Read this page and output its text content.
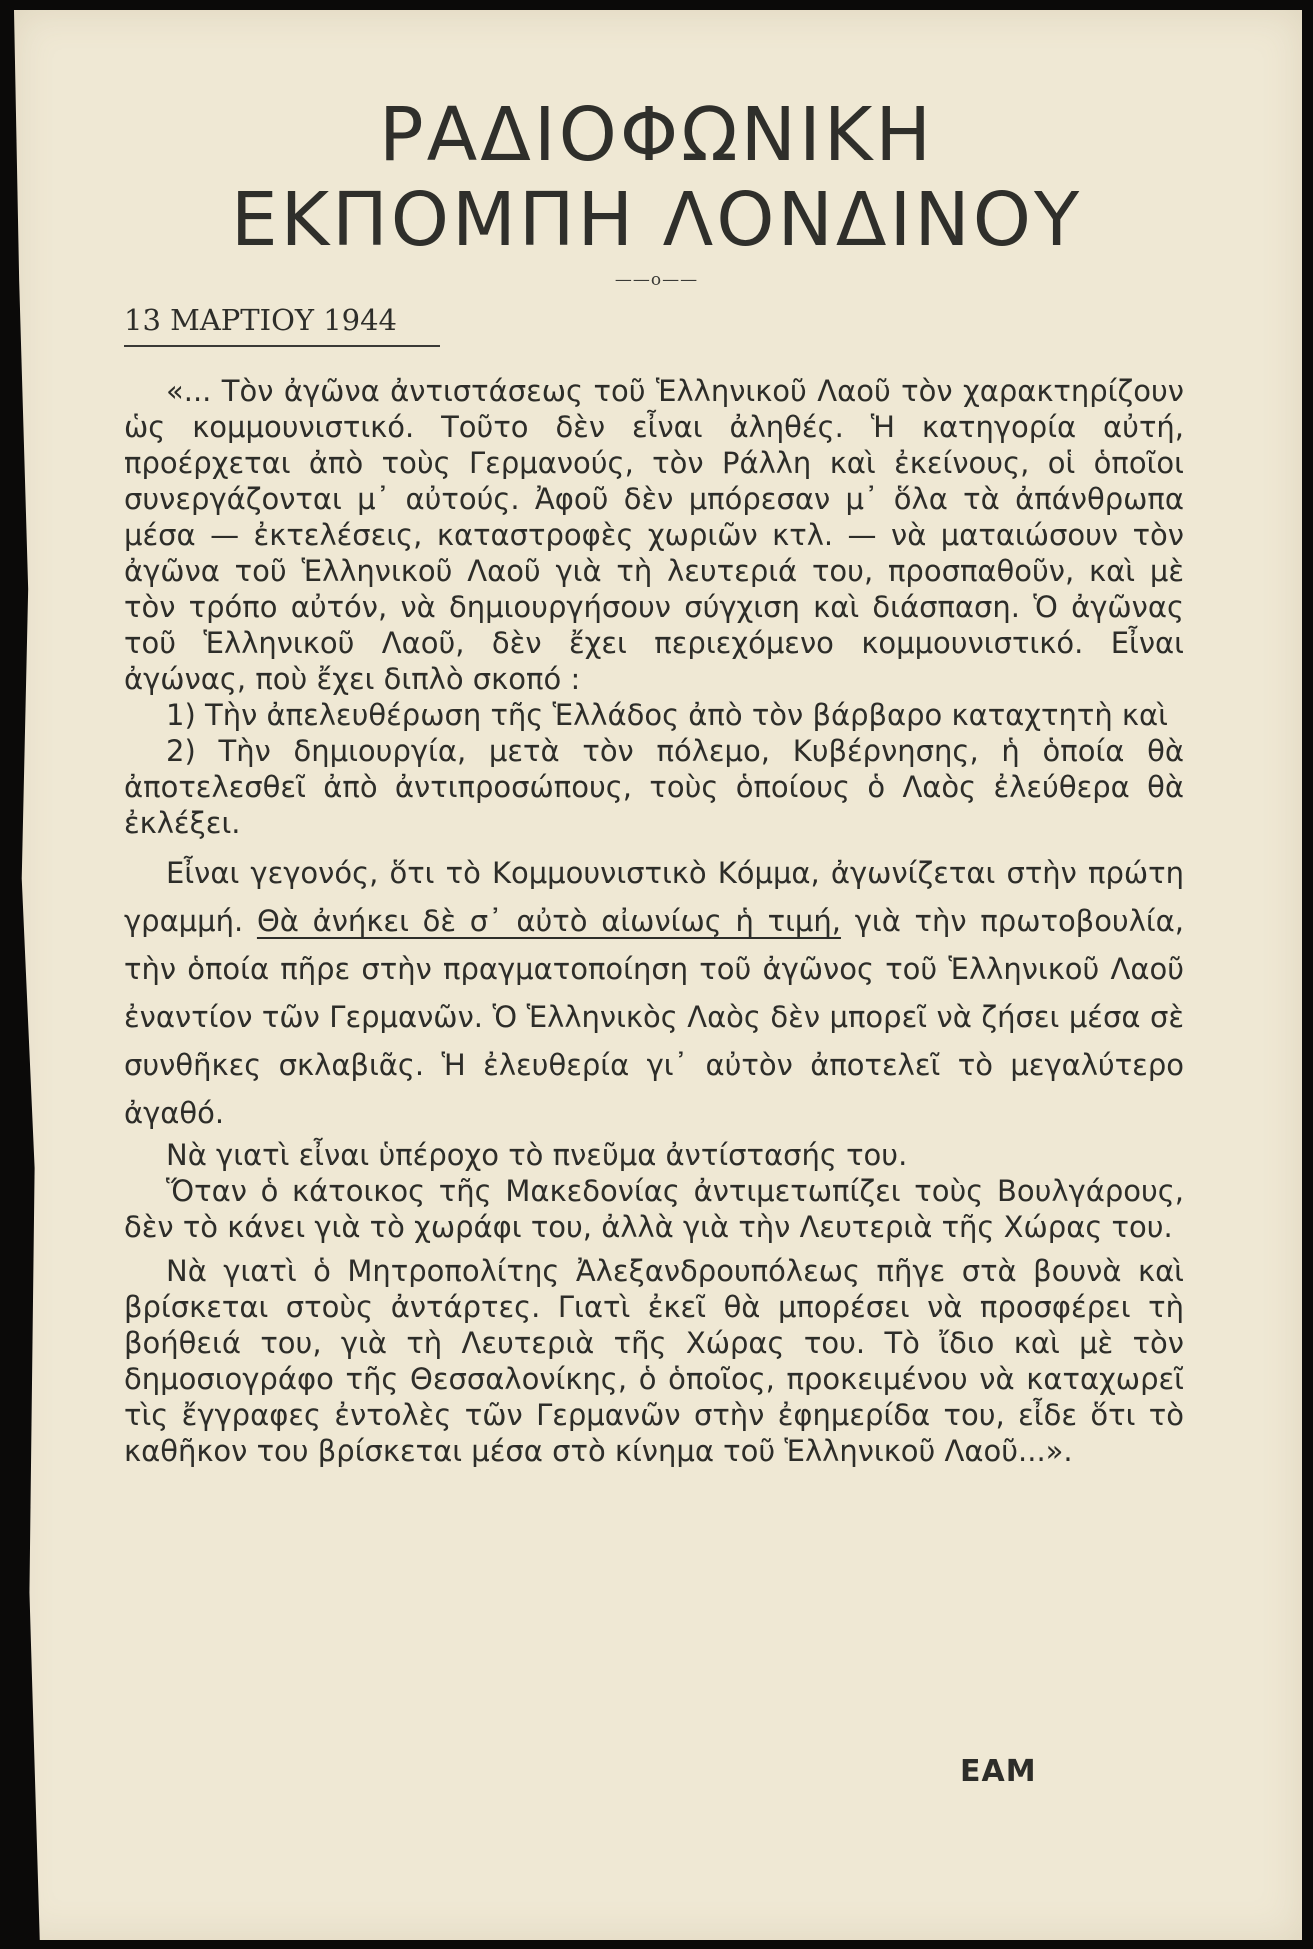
ΡΑΔΙΟΦΩΝΙΚΗ
ΕΚΠΟΜΠΗ ΛΟΝΔΙΝΟΥ
——o——
13 ΜΑΡΤΙΟΥ 1944

«... Τὸν ἀγῶνα ἀντιστάσεως τοῦ Ἑλληνικοῦ Λαοῦ τὸν χαρακτηρίζουν ὡς κομμουνιστικό. Τοῦτο δὲν εἶναι ἀληθές. Ἡ κατηγορία αὐτή, προέρχεται ἀπὸ τοὺς Γερμανούς, τὸν Ράλλη καὶ ἐκείνους, οἱ ὁποῖοι συνεργάζονται μ᾽ αὐτούς. Ἀφοῦ δὲν μπόρεσαν μ᾽ ὅλα τὰ ἀπάνθρωπα μέσα — ἐκτελέσεις, καταστροφὲς χωριῶν κτλ. — νὰ ματαιώσουν τὸν ἀγῶνα τοῦ Ἑλληνικοῦ Λαοῦ γιὰ τὴ λευτεριά του, προσπαθοῦν, καὶ μὲ τὸν τρόπο αὐτόν, νὰ δημιουργήσουν σύγχιση καὶ διάσπαση. Ὁ ἀγῶνας τοῦ Ἑλληνικοῦ Λαοῦ, δὲν ἔχει περιεχόμενο κομμουνιστικό. Εἶναι ἀγώνας, ποὺ ἔχει διπλὸ σκοπό :

1) Τὴν ἀπελευθέρωση τῆς Ἑλλάδος ἀπὸ τὸν βάρβαρο καταχτητὴ καὶ

2) Τὴν δημιουργία, μετὰ τὸν πόλεμο, Κυβέρνησης, ἡ ὁποία θὰ ἀποτελεσθεῖ ἀπὸ ἀντιπροσώπους, τοὺς ὁποίους ὁ Λαὸς ἐλεύθερα θὰ ἐκλέξει.

Εἶναι γεγονός, ὅτι τὸ Κομμουνιστικὸ Κόμμα, ἀγωνίζεται στὴν πρώτη γραμμή. Θὰ ἀνήκει δὲ σ᾽ αὐτὸ αἰωνίως ἡ τιμή, γιὰ τὴν πρωτοβουλία, τὴν ὁποία πῆρε στὴν πραγματοποίηση τοῦ ἀγῶνος τοῦ Ἑλληνικοῦ Λαοῦ ἐναντίον τῶν Γερμανῶν. Ὁ Ἑλληνικὸς Λαὸς δὲν μπορεῖ νὰ ζήσει μέσα σὲ συνθῆκες σκλαβιᾶς. Ἡ ἐλευθερία γι᾽ αὐτὸν ἀποτελεῖ τὸ μεγαλύτερο ἀγαθό.

Νὰ γιατὶ εἶναι ὑπέροχο τὸ πνεῦμα ἀντίστασής του.

Ὅταν ὁ κάτοικος τῆς Μακεδονίας ἀντιμετωπίζει τοὺς Βουλγάρους, δὲν τὸ κάνει γιὰ τὸ χωράφι του, ἀλλὰ γιὰ τὴν Λευτεριὰ τῆς Χώρας του.

Νὰ γιατὶ ὁ Μητροπολίτης Ἀλεξανδρουπόλεως πῆγε στὰ βουνὰ καὶ βρίσκεται στοὺς ἀντάρτες. Γιατὶ ἐκεῖ θὰ μπορέσει νὰ προσφέρει τὴ βοήθειά του, γιὰ τὴ Λευτεριὰ τῆς Χώρας του. Τὸ ἴδιο καὶ μὲ τὸν δημοσιογράφο τῆς Θεσσαλονίκης, ὁ ὁποῖος, προκειμένου νὰ καταχωρεῖ τὶς ἔγγραφες ἐντολὲς τῶν Γερμανῶν στὴν ἐφημερίδα του, εἶδε ὅτι τὸ καθῆκον του βρίσκεται μέσα στὸ κίνημα τοῦ Ἑλληνικοῦ Λαοῦ...».

ΕΑΜ
